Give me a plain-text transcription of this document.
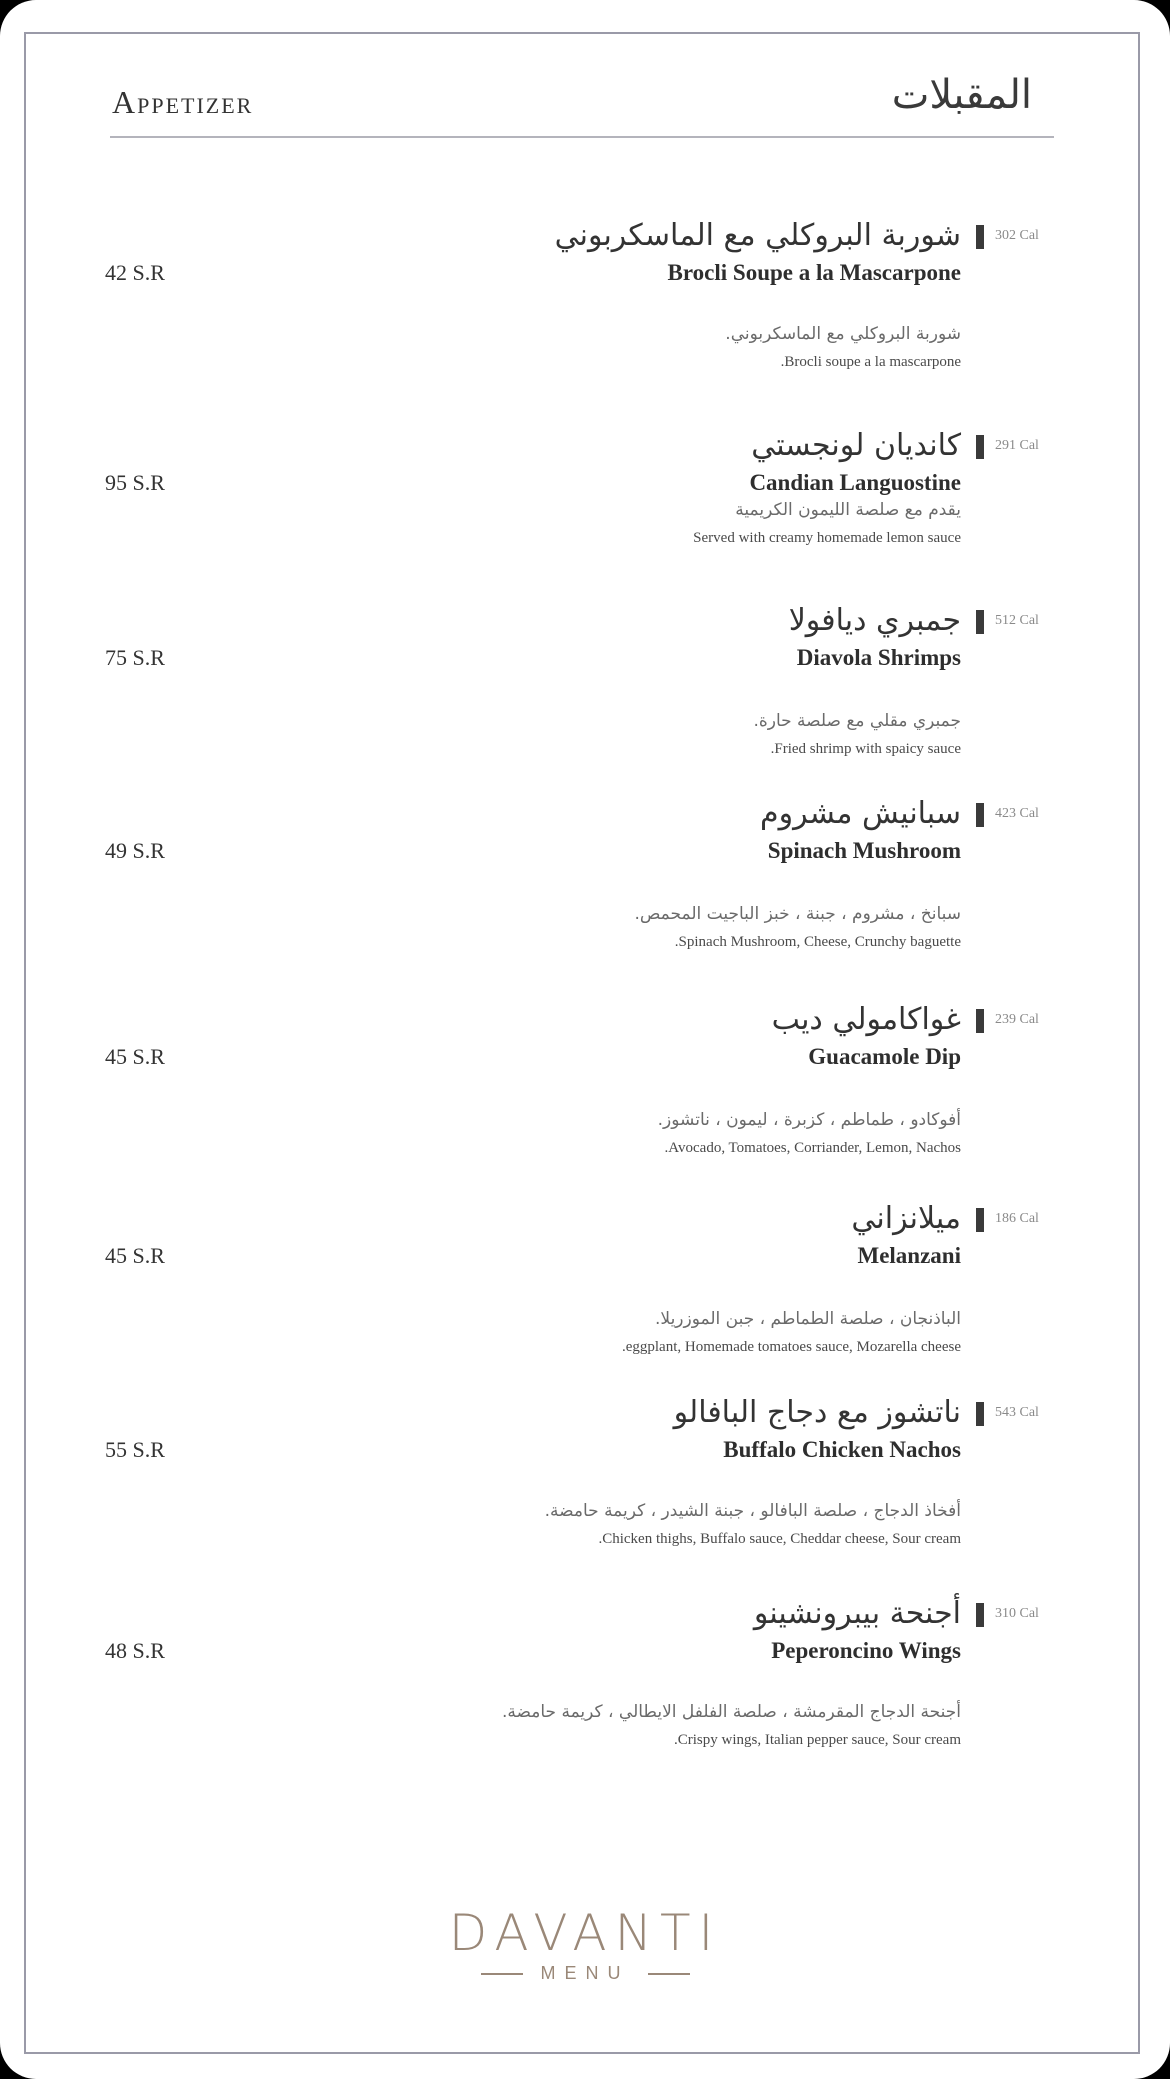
Appetizer	المقبلات
شوربة البروكلي مع الماسكربوني 302 Cal
Brocli Soupe a la Mascarpone
42 S.R
شوربة البروكلي مع الماسكربوني.
.Brocli soupe a la mascarpone
كانديان لونجستي 291 Cal
Candian Languostine
95 S.R
يقدم مع صلصة الليمون الكريمية
Served with creamy homemade lemon sauce
جمبري ديافولا 512 Cal
Diavola Shrimps
75 S.R
جمبري مقلي مع صلصة حارة.
.Fried shrimp with spaicy sauce
سبانيش مشروم 423 Cal
Spinach Mushroom
49 S.R
سبانخ ، مشروم ، جبنة ، خبز الباجيت المحمص.
.Spinach Mushroom, Cheese, Crunchy baguette
غواكامولي ديب 239 Cal
Guacamole Dip
45 S.R
أفوكادو ، طماطم ، كزبرة ، ليمون ، ناتشوز.
.Avocado, Tomatoes, Corriander, Lemon, Nachos
ميلانزاني 186 Cal
Melanzani
45 S.R
الباذنجان ، صلصة الطماطم ، جبن الموزريلا.
.eggplant, Homemade tomatoes sauce, Mozarella cheese
ناتشوز مع دجاج البافالو 543 Cal
Buffalo Chicken Nachos
55 S.R
أفخاذ الدجاج ، صلصة البافالو ، جبنة الشيدر ، كريمة حامضة.
.Chicken thighs, Buffalo sauce, Cheddar cheese, Sour cream
أجنحة بيبرونشينو 310 Cal
Peperoncino Wings
48 S.R
أجنحة الدجاج المقرمشة ، صلصة الفلفل الايطالي ، كريمة حامضة.
.Crispy wings, Italian pepper sauce, Sour cream
DAVANTI
MENU
